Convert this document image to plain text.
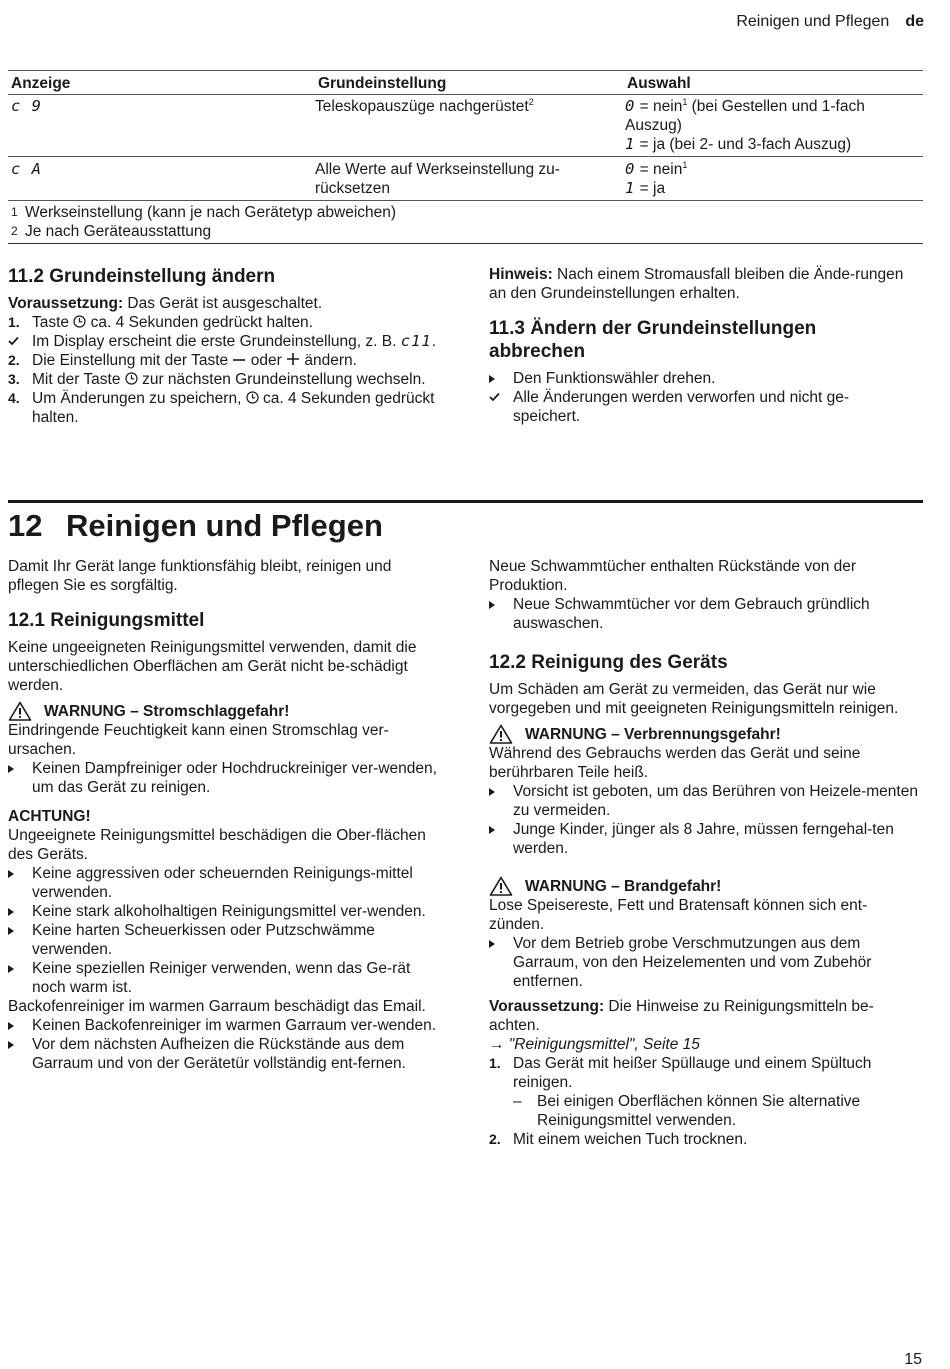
Reinigen und Pflegen de
Anzeige	Grundeinstellung	Auswahl
c 9	Teleskopauszüge nachgerüstet$^2$	0 = nein$^1$ (bei Gestellen und 1-fach Auszug)
1 = ja (bei 2- und 3-fach Auszug)
c A	Alle Werte auf Werkseinstellung zu-rücksetzen
0 = nein$^1$
1 = ja
1 Werkseinstellung (kann je nach Gerätetyp abweichen)
2 Je nach Geräteausstattung
11.2 Grundeinstellung ändern
Voraussetzung: Das Gerät ist ausgeschaltet.
1. Taste  ca. 4 Sekunden gedrückt halten.
Im Display erscheint die erste Grundeinstellung, z. B. c11.
2. Die Einstellung mit der Taste  oder  ändern.
3. Mit der Taste  zur nächsten Grundeinstellung wechseln.
4. Um Änderungen zu speichern,  ca. 4 Sekunden gedrückt halten.
Hinweis: Nach einem Stromausfall bleiben die Ände-rungen an den Grundeinstellungen erhalten.
11.3 Ändern der Grundeinstellungen abbrechen
Den Funktionswähler drehen.
Alle Änderungen werden verworfen und nicht ge-speichert.
12 Reinigen und Pflegen
Damit Ihr Gerät lange funktionsfähig bleibt, reinigen und pflegen Sie es sorgfältig.
12.1 Reinigungsmittel
Keine ungeeigneten Reinigungsmittel verwenden, damit die unterschiedlichen Oberflächen am Gerät nicht be-schädigt werden.
WARNUNG – Stromschlaggefahr!
Eindringende Feuchtigkeit kann einen Stromschlag ver-ursachen.
Keinen Dampfreiniger oder Hochdruckreiniger ver-wenden, um das Gerät zu reinigen.
ACHTUNG!
Ungeeignete Reinigungsmittel beschädigen die Ober-flächen des Geräts.
Keine aggressiven oder scheuernden Reinigungs-mittel verwenden.
Keine stark alkoholhaltigen Reinigungsmittel ver-wenden.
Keine harten Scheuerkissen oder Putzschwämme verwenden.
Keine speziellen Reiniger verwenden, wenn das Ge-rät noch warm ist.
Backofenreiniger im warmen Garraum beschädigt das Email.
Keinen Backofenreiniger im warmen Garraum ver-wenden.
Vor dem nächsten Aufheizen die Rückstände aus dem Garraum und von der Gerätetür vollständig ent-fernen.
Neue Schwammtücher enthalten Rückstände von der Produktion.
Neue Schwammtücher vor dem Gebrauch gründlich auswaschen.
12.2 Reinigung des Geräts
Um Schäden am Gerät zu vermeiden, das Gerät nur wie vorgegeben und mit geeigneten Reinigungsmitteln reinigen.
WARNUNG – Verbrennungsgefahr!
Während des Gebrauchs werden das Gerät und seine berührbaren Teile heiß.
Vorsicht ist geboten, um das Berühren von Heizele-menten zu vermeiden.
Junge Kinder, jünger als 8 Jahre, müssen ferngehal-ten werden.
WARNUNG – Brandgefahr!
Lose Speisereste, Fett und Bratensaft können sich ent-zünden.
Vor dem Betrieb grobe Verschmutzungen aus dem Garraum, von den Heizelementen und vom Zubehör entfernen.
Voraussetzung: Die Hinweise zu Reinigungsmitteln be-achten.
→ "Reinigungsmittel", Seite 15
1. Das Gerät mit heißer Spüllauge und einem Spültuch reinigen.
– Bei einigen Oberflächen können Sie alternative Reinigungsmittel verwenden.
2. Mit einem weichen Tuch trocknen.
15
